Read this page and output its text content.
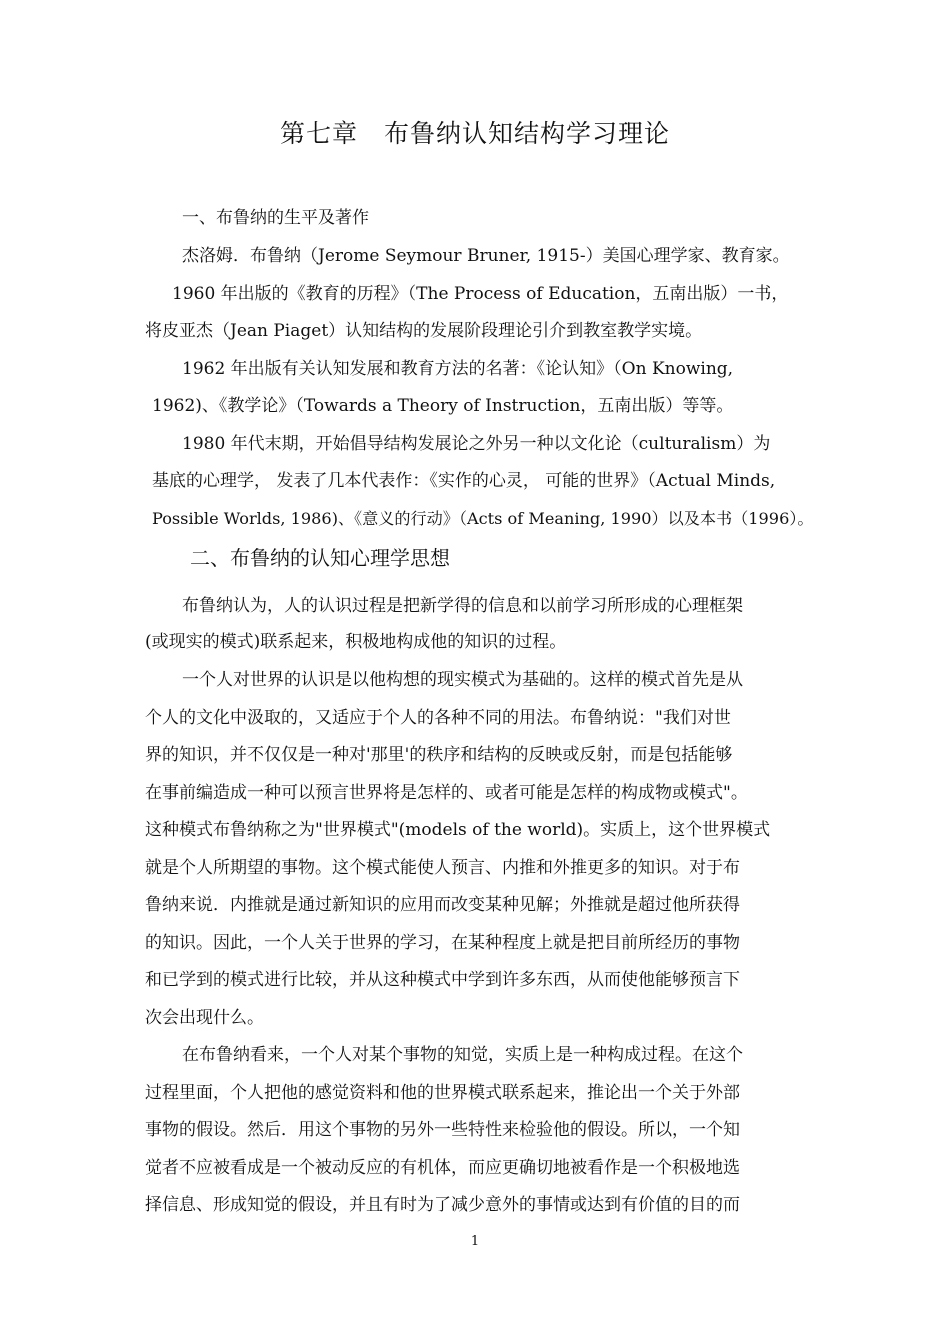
第七章　布鲁纳认知结构学习理论
一、布鲁纳的生平及著作
杰洛姆．布鲁纳（Jerome Seymour Bruner, 1915-）美国心理学家、教育家。
1960 年出版的《教育的历程》（The Process of Education，五南出版）一书，
将皮亚杰（Jean Piaget）认知结构的发展阶段理论引介到教室教学实境。
1962 年出版有关认知发展和教育方法的名著：《论认知》（On Knowing,
1962)、《教学论》（Towards a Theory of Instruction，五南出版）等等。
1980 年代末期，开始倡导结构发展论之外另一种以文化论（culturalism）为
基底的心理学， 发表了几本代表作：《实作的心灵， 可能的世界》（Actual Minds,
Possible Worlds, 1986)、《意义的行动》（Acts of Meaning, 1990）以及本书（1996）。
二、布鲁纳的认知心理学思想
布鲁纳认为，人的认识过程是把新学得的信息和以前学习所形成的心理框架
(或现实的模式)联系起来，积极地构成他的知识的过程。
一个人对世界的认识是以他构想的现实模式为基础的。这样的模式首先是从
个人的文化中汲取的，又适应于个人的各种不同的用法。布鲁纳说："我们对世
界的知识，并不仅仅是一种对'那里'的秩序和结构的反映或反射，而是包括能够
在事前编造成一种可以预言世界将是怎样的、或者可能是怎样的构成物或模式"。
这种模式布鲁纳称之为"世界模式"(models of the world)。实质上，这个世界模式
就是个人所期望的事物。这个模式能使人预言、内推和外推更多的知识。对于布
鲁纳来说．内推就是通过新知识的应用而改变某种见解；外推就是超过他所获得
的知识。因此，一个人关于世界的学习，在某种程度上就是把目前所经历的事物
和已学到的模式进行比较，并从这种模式中学到许多东西，从而使他能够预言下
次会出现什么。
在布鲁纳看来，一个人对某个事物的知觉，实质上是一种构成过程。在这个
过程里面，个人把他的感觉资料和他的世界模式联系起来，推论出一个关于外部
事物的假设。然后．用这个事物的另外一些特性来检验他的假设。所以，一个知
觉者不应被看成是一个被动反应的有机体，而应更确切地被看作是一个积极地选
择信息、形成知觉的假设，并且有时为了减少意外的事情或达到有价值的目的而
1
